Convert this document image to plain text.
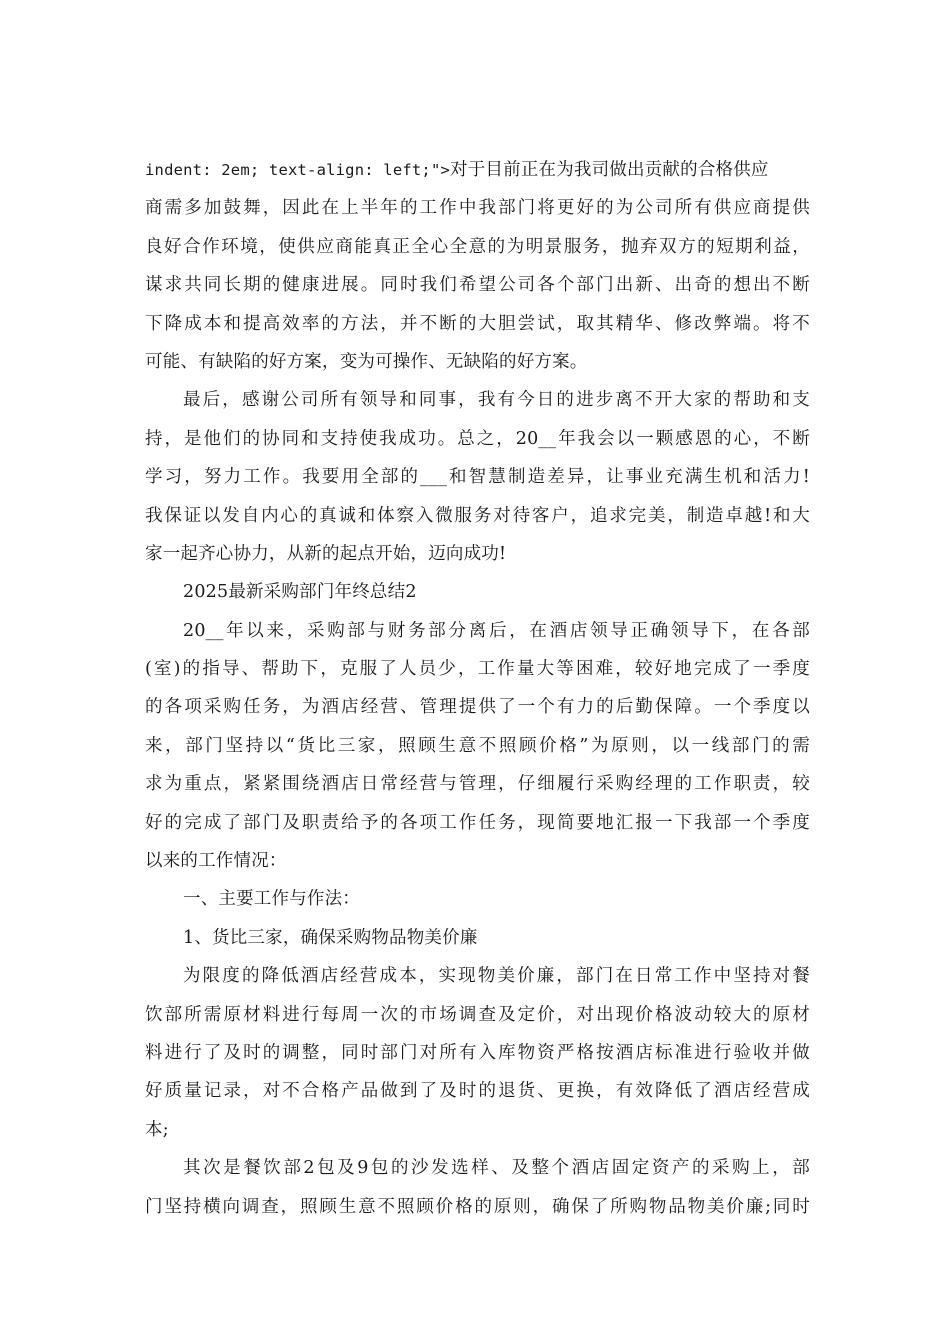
indent: 2em; text-align: left;">对于目前正在为我司做出贡献的合格供应
商需多加鼓舞，因此在上半年的工作中我部门将更好的为公司所有供应商提供
良好合作环境，使供应商能真正全心全意的为明景服务，抛弃双方的短期利益，
谋求共同长期的健康进展。同时我们希望公司各个部门出新、出奇的想出不断
下降成本和提高效率的方法，并不断的大胆尝试，取其精华、修改弊端。将不
可能、有缺陷的好方案，变为可操作、无缺陷的好方案。
最后，感谢公司所有领导和同事，我有今日的进步离不开大家的帮助和支
持，是他们的协同和支持使我成功。总之，20__年我会以一颗感恩的心，不断
学习，努力工作。我要用全部的___和智慧制造差异，让事业充满生机和活力!
我保证以发自内心的真诚和体察入微服务对待客户，追求完美，制造卓越!和大
家一起齐心协力，从新的起点开始，迈向成功!
2025最新采购部门年终总结2
20__年以来，采购部与财务部分离后，在酒店领导正确领导下，在各部
(室)的指导、帮助下，克服了人员少，工作量大等困难，较好地完成了一季度
的各项采购任务，为酒店经营、管理提供了一个有力的后勤保障。一个季度以
来，部门坚持以“货比三家，照顾生意不照顾价格”为原则，以一线部门的需
求为重点，紧紧围绕酒店日常经营与管理，仔细履行采购经理的工作职责，较
好的完成了部门及职责给予的各项工作任务，现简要地汇报一下我部一个季度
以来的工作情况：
一、主要工作与作法：
1、货比三家，确保采购物品物美价廉
为限度的降低酒店经营成本，实现物美价廉，部门在日常工作中坚持对餐
饮部所需原材料进行每周一次的市场调查及定价，对出现价格波动较大的原材
料进行了及时的调整，同时部门对所有入库物资严格按酒店标准进行验收并做
好质量记录，对不合格产品做到了及时的退货、更换，有效降低了酒店经营成
本;
其次是餐饮部2包及9包的沙发选样、及整个酒店固定资产的采购上，部
门坚持横向调查，照顾生意不照顾价格的原则，确保了所购物品物美价廉;同时
